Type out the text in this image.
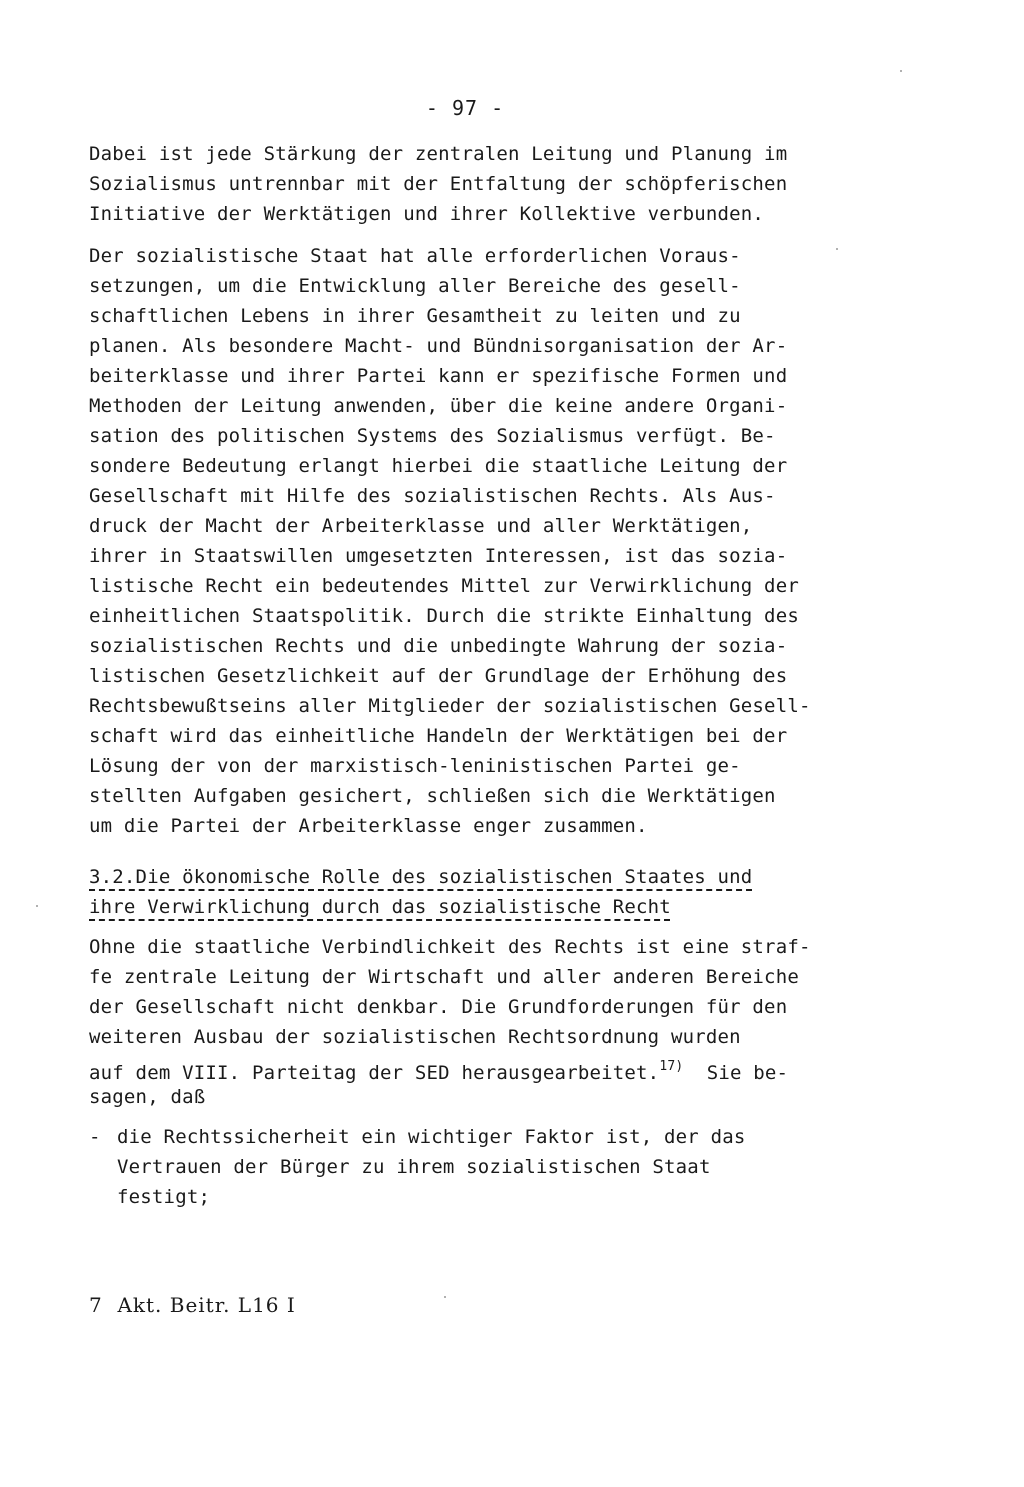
- 97 -
Dabei ist jede Stärkung der zentralen Leitung und Planung im
Sozialismus untrennbar mit der Entfaltung der schöpferischen
Initiative der Werktätigen und ihrer Kollektive verbunden.
Der sozialistische Staat hat alle erforderlichen Voraus-
setzungen, um die Entwicklung aller Bereiche des gesell-
schaftlichen Lebens in ihrer Gesamtheit zu leiten und zu
planen. Als besondere Macht- und Bündnisorganisation der Ar-
beiterklasse und ihrer Partei kann er spezifische Formen und
Methoden der Leitung anwenden, über die keine andere Organi-
sation des politischen Systems des Sozialismus verfügt. Be-
sondere Bedeutung erlangt hierbei die staatliche Leitung der
Gesellschaft mit Hilfe des sozialistischen Rechts. Als Aus-
druck der Macht der Arbeiterklasse und aller Werktätigen,
ihrer in Staatswillen umgesetzten Interessen, ist das sozia-
listische Recht ein bedeutendes Mittel zur Verwirklichung der
einheitlichen Staatspolitik. Durch die strikte Einhaltung des
sozialistischen Rechts und die unbedingte Wahrung der sozia-
listischen Gesetzlichkeit auf der Grundlage der Erhöhung des
Rechtsbewußtseins aller Mitglieder der sozialistischen Gesell-
schaft wird das einheitliche Handeln der Werktätigen bei der
Lösung der von der marxistisch-leninistischen Partei ge-
stellten Aufgaben gesichert, schließen sich die Werktätigen
um die Partei der Arbeiterklasse enger zusammen.
3.2.Die ökonomische Rolle des sozialistischen Staates und
ihre Verwirklichung durch das sozialistische Recht
Ohne die staatliche Verbindlichkeit des Rechts ist eine straf-
fe zentrale Leitung der Wirtschaft und aller anderen Bereiche
der Gesellschaft nicht denkbar. Die Grundforderungen für den
weiteren Ausbau der sozialistischen Rechtsordnung wurden
auf dem VIII. Parteitag der SED herausgearbeitet.$^{17)}$ Sie be-
sagen, daß
- die Rechtssicherheit ein wichtiger Faktor ist, der das
Vertrauen der Bürger zu ihrem sozialistischen Staat
festigt;
7  Akt. Beitr. L16 I
